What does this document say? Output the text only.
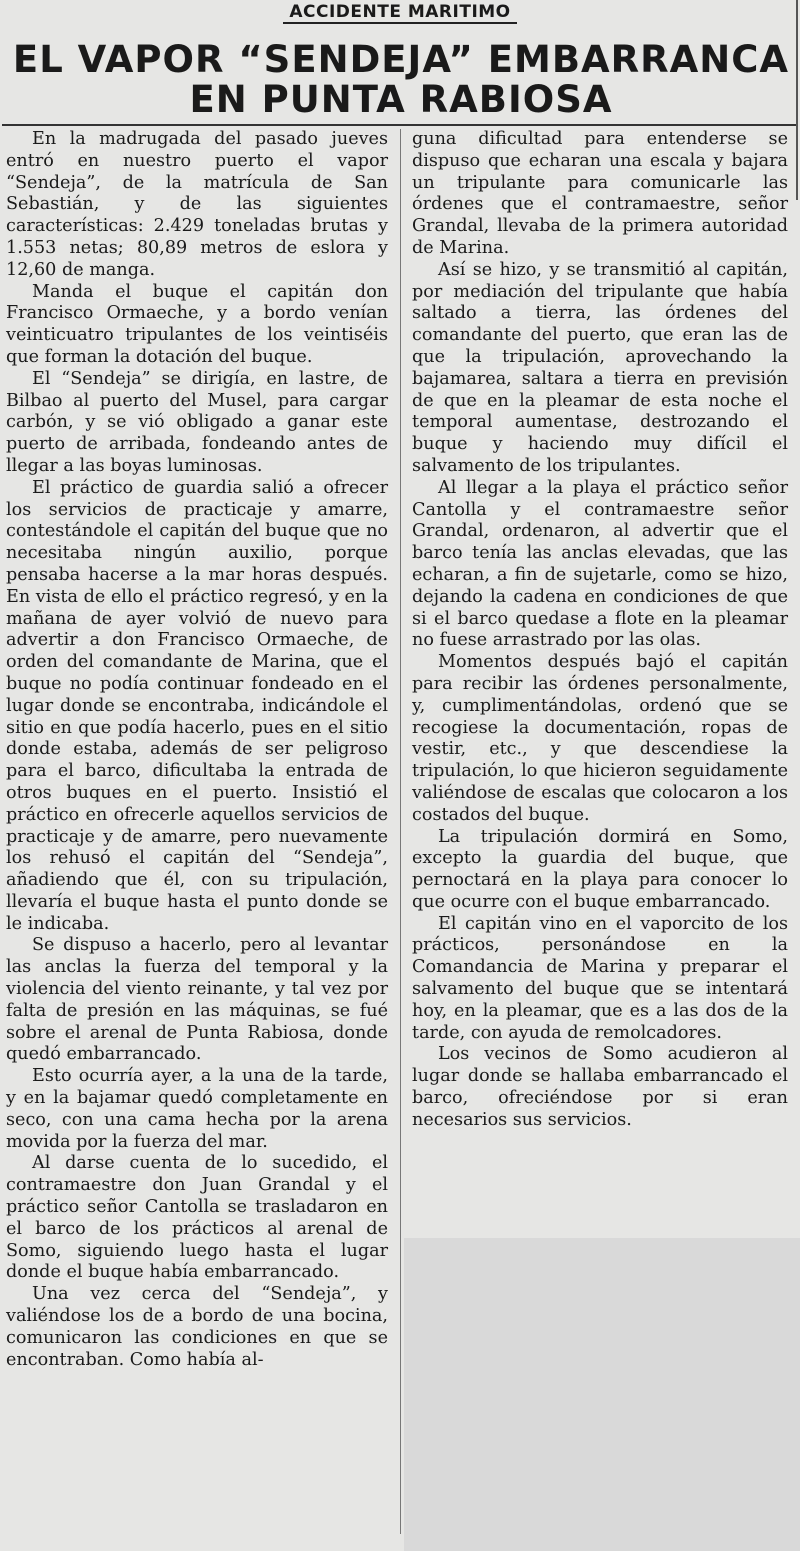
ACCIDENTE MARITIMO
EL VAPOR “SENDEJA” EMBARRANCA EN PUNTA RABIOSA

En la madrugada del pasado jueves entró en nuestro puerto el vapor “Sendeja”, de la matrícula de San Sebastián, y de las siguientes características: 2.429 toneladas brutas y 1.553 netas; 80,89 metros de eslora y 12,60 de manga.

Manda el buque el capitán don Francisco Ormaeche, y a bordo venían veinticuatro tripulantes de los veintiséis que forman la dotación del buque.

El “Sendeja” se dirigía, en lastre, de Bilbao al puerto del Musel, para cargar carbón, y se vió obligado a ganar este puerto de arribada, fondeando antes de llegar a las boyas luminosas.

El práctico de guardia salió a ofrecer los servicios de practicaje y amarre, contestándole el capitán del buque que no necesitaba ningún auxilio, porque pensaba hacerse a la mar horas después. En vista de ello el práctico regresó, y en la mañana de ayer volvió de nuevo para advertir a don Francisco Ormaeche, de orden del comandante de Marina, que el buque no podía continuar fondeado en el lugar donde se encontraba, indicándole el sitio en que podía hacerlo, pues en el sitio donde estaba, además de ser peligroso para el barco, dificultaba la entrada de otros buques en el puerto. Insistió el práctico en ofrecerle aquellos servicios de practicaje y de amarre, pero nuevamente los rehusó el capitán del “Sendeja”, añadiendo que él, con su tripulación, llevaría el buque hasta el punto donde se le indicaba.

Se dispuso a hacerlo, pero al levantar las anclas la fuerza del temporal y la violencia del viento reinante, y tal vez por falta de presión en las máquinas, se fué sobre el arenal de Punta Rabiosa, donde quedó embarrancado.

Esto ocurría ayer, a la una de la tarde, y en la bajamar quedó completamente en seco, con una cama hecha por la arena movida por la fuerza del mar.

Al darse cuenta de lo sucedido, el contramaestre don Juan Grandal y el práctico señor Cantolla se trasladaron en el barco de los prácticos al arenal de Somo, siguiendo luego hasta el lugar donde el buque había embarrancado.

Una vez cerca del “Sendeja”, y valiéndose los de a bordo de una bocina, comunicaron las condiciones en que se encontraban. Como había al-

guna dificultad para entenderse se dispuso que echaran una escala y bajara un tripulante para comunicarle las órdenes que el contramaestre, señor Grandal, llevaba de la primera autoridad de Marina.

Así se hizo, y se transmitió al capitán, por mediación del tripulante que había saltado a tierra, las órdenes del comandante del puerto, que eran las de que la tripulación, aprovechando la bajamarea, saltara a tierra en previsión de que en la pleamar de esta noche el temporal aumentase, destrozando el buque y haciendo muy difícil el salvamento de los tripulantes.

Al llegar a la playa el práctico señor Cantolla y el contramaestre señor Grandal, ordenaron, al advertir que el barco tenía las anclas elevadas, que las echaran, a fin de sujetarle, como se hizo, dejando la cadena en condiciones de que si el barco quedase a flote en la pleamar no fuese arrastrado por las olas.

Momentos después bajó el capitán para recibir las órdenes personalmente, y, cumplimentándolas, ordenó que se recogiese la documentación, ropas de vestir, etc., y que descendiese la tripulación, lo que hicieron seguidamente valiéndose de escalas que colocaron a los costados del buque.

La tripulación dormirá en Somo, excepto la guardia del buque, que pernoctará en la playa para conocer lo que ocurre con el buque embarrancado.

El capitán vino en el vaporcito de los prácticos, personándose en la Comandancia de Marina y preparar el salvamento del buque que se intentará hoy, en la pleamar, que es a las dos de la tarde, con ayuda de remolcadores.

Los vecinos de Somo acudieron al lugar donde se hallaba embarrancado el barco, ofreciéndose por si eran necesarios sus servicios.
